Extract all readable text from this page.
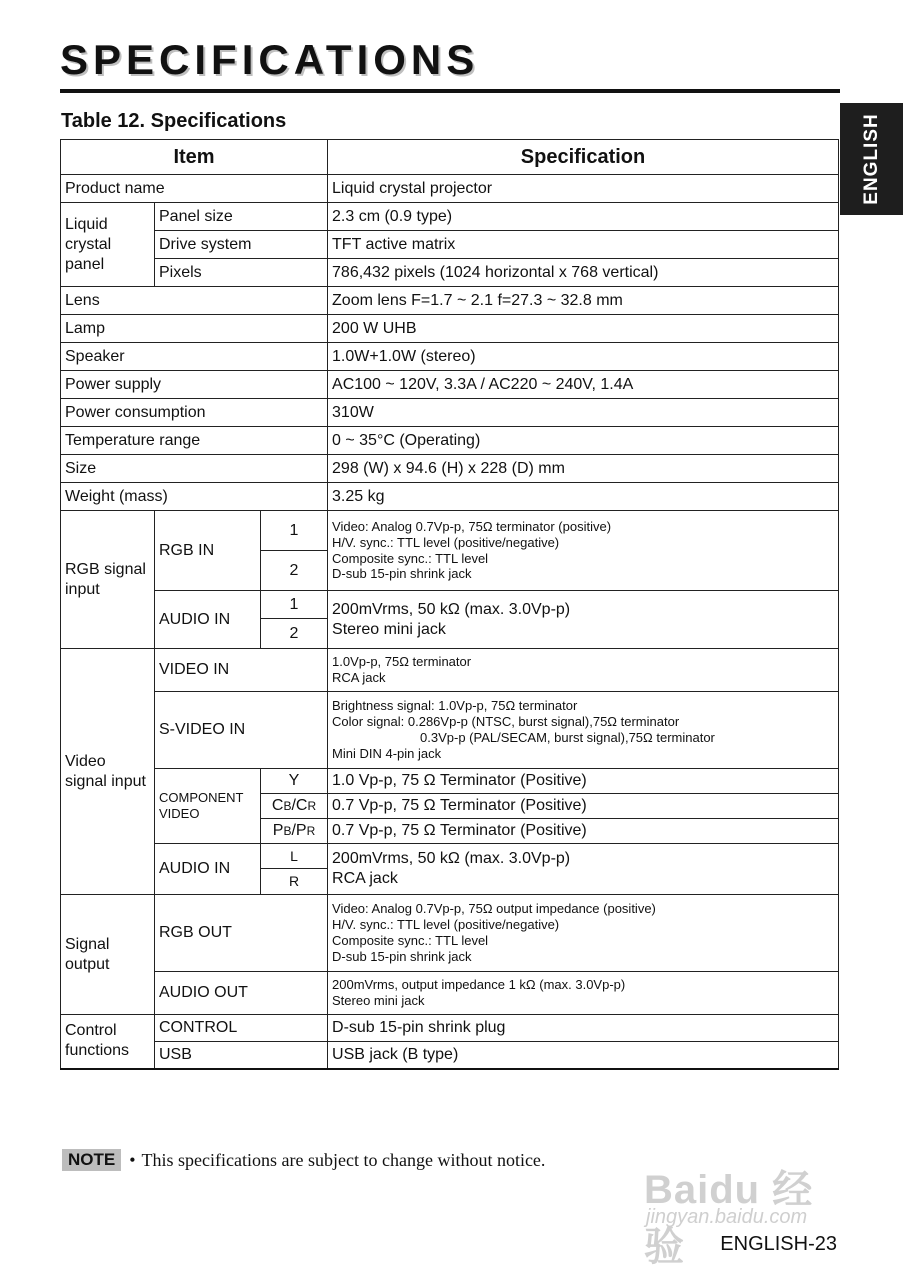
SPECIFICATIONS
ENGLISH
Table 12. Specifications
Item			Specification
Product name			Liquid crystal projector
Liquid crystal panel	Panel size		2.3 cm (0.9 type)
	Drive system		TFT active matrix
	Pixels		786,432 pixels (1024 horizontal x 768 vertical)
Lens			Zoom lens F=1.7 ~ 2.1 f=27.3 ~ 32.8 mm
Lamp			200 W UHB
Speaker			1.0W+1.0W (stereo)
Power supply			AC100 ~ 120V, 3.3A / AC220 ~ 240V, 1.4A
Power consumption			310W
Temperature range			0 ~ 35°C (Operating)
Size			298 (W) x 94.6 (H) x 228 (D) mm
Weight (mass)			3.25 kg
RGB signal input	RGB IN	1	Video: Analog 0.7Vp-p, 75Ω terminator (positive)
H/V. sync.: TTL level (positive/negative)
Composite sync.: TTL level
D-sub 15-pin shrink jack

		2	
	AUDIO IN	1	200mVrms, 50 kΩ (max. 3.0Vp-p)
Stereo mini jack

		2	
Video signal input	VIDEO IN		1.0Vp-p, 75Ω terminator
RCA jack

	S-VIDEO IN		Brightness signal: 1.0Vp-p, 75Ω terminator
Color signal: 0.286Vp-p (NTSC, burst signal),75Ω terminator
0.3Vp-p (PAL/SECAM, burst signal),75Ω terminator
Mini DIN 4-pin jack

	COMPONENT VIDEO	Y	1.0 Vp-p, 75 Ω Terminator (Positive)
		CB/CR	0.7 Vp-p, 75 Ω Terminator (Positive)
		PB/PR	0.7 Vp-p, 75 Ω Terminator (Positive)
	AUDIO IN	L	200mVrms, 50 kΩ (max. 3.0Vp-p)
RCA jack

		R	
Signal output	RGB OUT		Video: Analog 0.7Vp-p, 75Ω output impedance (positive)
H/V. sync.: TTL level (positive/negative)
Composite sync.: TTL level
D-sub 15-pin shrink jack

	AUDIO OUT		200mVrms, output impedance 1 kΩ (max. 3.0Vp-p)
Stereo mini jack

Control functions	CONTROL		D-sub 15-pin shrink plug
	USB		USB jack (B type)
NOTE • This specifications are subject to change without notice.
Baidu 经验
jingyan.baidu.com
ENGLISH-23
